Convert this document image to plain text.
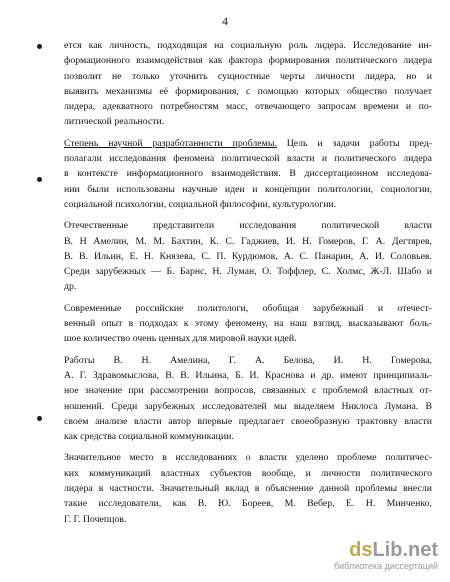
4
ется как личность, подходящая на социальную роль лидера. Исследование ин-
формационного взаимодействия как фактора формирования политического лидера
позволит не только уточнить сущностные черты личности лидера, но и
выявить механизмы её формирования, с помощью которых общество получает
лидера, адекватного потребностям масс, отвечающего запросам времени и по-
литической реальности.
Степень научной разработанности проблемы. Цель и задачи работы пред-
полагали исследования феномена политической власти и политического лидера
в контексте информационного взаимодействия. В диссертационном исследова-
нии были использованы научные идеи и концепции политологии, социологии,
социальной психологии, социальной философии, культурологии.
Отечественные представители исследования политической власти
В. Н Амелин, М. М. Бахтин, К. С. Гаджиев, И. Н. Гомеров, Г. А. Дегтярев,
В. В. Ильин, Е. Н. Князева, С. П. Курдюмов, А. С. Панарин, А. И. Соловьев.
Среди зарубежных — Б. Барнс, Н. Луман, О. Тоффлер, С. Холмс, Ж-Л. Шабо и
др.
Современные российские политологи, обобщая зарубежный и отечест-
венный опыт в подходах к этому феномену, на наш взгляд, высказывают боль-
шое количество очень ценных для мировой науки идей.
Работы В. Н. Амелина, Г. А. Белова, И. Н. Гомерова,
А. Г. Здравомыслова, В. В. Ильина, Б. И. Краснова и др. имеют принципиаль-
ное значение при рассмотрении вопросов, связанных с проблемой властных от-
ношений. Среди зарубежных исследователей мы выделяем Никлоса Лумана. В
своем анализе власти автор впервые предлагает своеобразную трактовку власти
как средства социальной коммуникации.
Значительное место в исследованиях о власти уделено проблеме политичес-
ких коммуникаций властных субъектов вообще, и личности политического
лидера в частности. Значительный вклад в объяснение данной проблемы внесли
такие исследователи, как В. Ю. Бореев, М. Вебер, Е. Н. Минченко,
Г. Г. Почепцов.
dsLib.net
библиотека диссертаций
